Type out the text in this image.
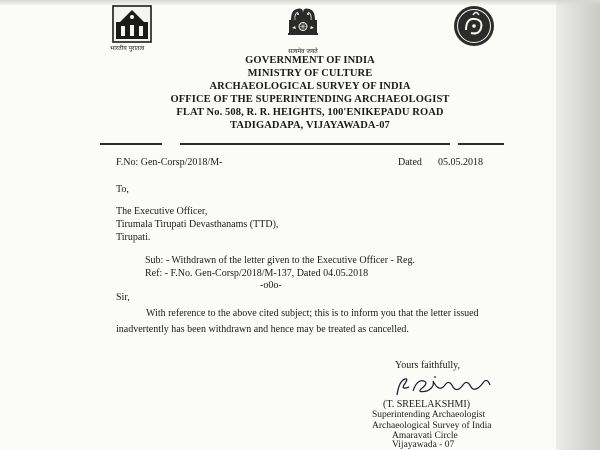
भारतीय पुरातत्व	सत्यमेव जयते
GOVERNMENT OF INDIA
MINISTRY OF CULTURE
ARCHAEOLOGICAL SURVEY OF INDIA
OFFICE OF THE SUPERINTENDING ARCHAEOLOGIST
FLAT No. 508, R. R. HEIGHTS, 100'ENIKEPADU ROAD
TADIGADAPA, VIJAYAWADA-07
F.No: Gen-Corsp/2018/M-	Dated 05.05.2018
To,
The Executive Officer,
Tirumala Tirupati Devasthanams (TTD),
Tirupati.
Sub: - Withdrawn of the letter given to the Executive Officer - Reg.
Ref: - F.No. Gen-Corsp/2018/M-137, Dated 04.05.2018
-o0o-
Sir,
With reference to the above cited subject; this is to inform you that the letter issued
inadvertently has been withdrawn and hence may be treated as cancelled.
Yours faithfully,
(T. SREELAKSHMI)
Superintending Archaeologist
Archaeological Survey of India
Amaravati Circle
Vijayawada - 07
